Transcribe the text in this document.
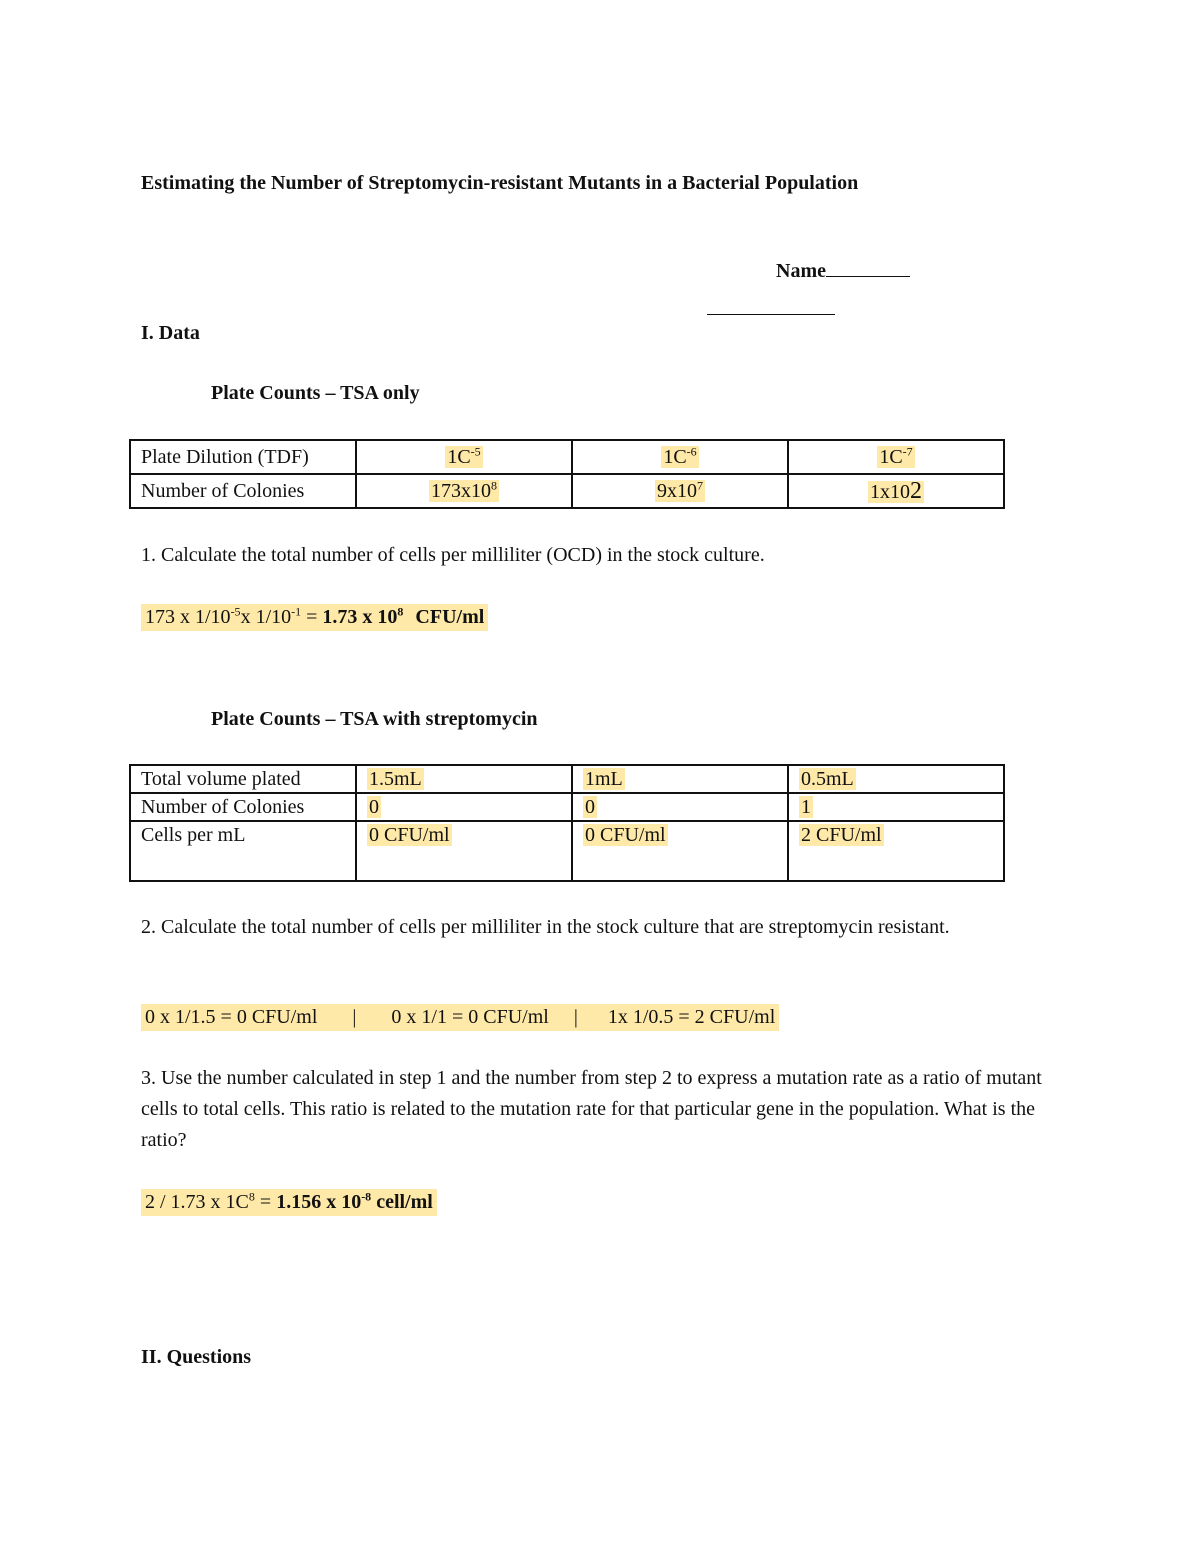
Estimating the Number of Streptomycin-resistant Mutants in a Bacterial Population
Name
I. Data
Plate Counts – TSA only
Plate Dilution (TDF)	$1C^{-5}$	$1C^{-6}$	$1C^{-7}$
Number of Colonies	$173x10^8$	$9x10^7$	1x102
1. Calculate the total number of cells per milliliter (OCD) in the stock culture.
173 x $1/10^{-5}x$ $1/10^{-1} = 1.73$ x $10^8$ CFU/ml
Plate Counts – TSA with streptomycin
Total volume plated	1.5mL	1mL	0.5mL
Number of Colonies	0	0	1
Cells per mL	0 CFU/ml	0 CFU/ml	2 CFU/ml
2. Calculate the total number of cells per milliliter in the stock culture that are streptomycin resistant.
0 x 1/1.5 = 0 CFU/ml       |       0 x 1/1 = 0 CFU/ml     |      1x 1/0.5 = 2 CFU/ml
3. Use the number calculated in step 1 and the number from step 2 to express a mutation rate as a ratio of mutant cells to total cells. This ratio is related to the mutation rate for that particular gene in the population. What is the ratio?
2 / 1.73 x $1C^8 = 1.156$ x $10^{-8}$ cell/ml
II. Questions
